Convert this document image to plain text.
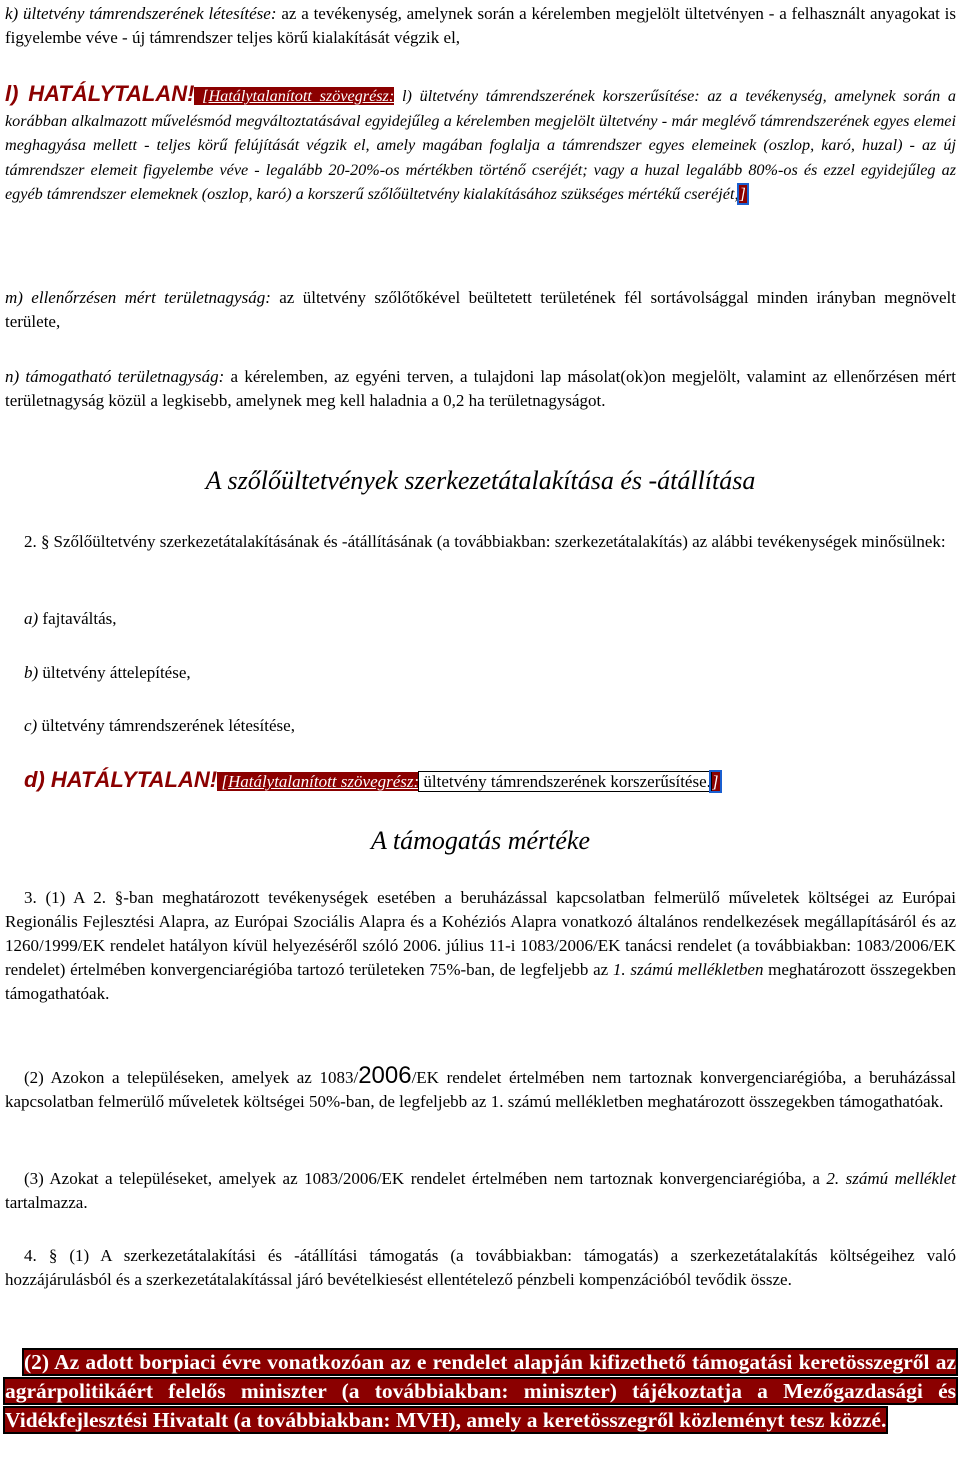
k) ültetvény támrendszerének létesítése: az a tevékenység, amelynek során a kérelemben megjelölt ültetvényen - a felhasznált anyagokat is figyelembe véve - új támrendszer teljes körű kialakítását végzik el,

l) HATÁLYTALAN! [Hatálytalanított szövegrész: l) ültetvény támrendszerének korszerűsítése: az a tevékenység, amelynek során a korábban alkalmazott művelésmód megváltoztatásával egyidejűleg a kérelemben megjelölt ültetvény - már meglévő támrendszerének egyes elemei meghagyása mellett - teljes körű felújítását végzik el, amely magában foglalja a támrendszer egyes elemeinek (oszlop, karó, huzal) - az új támrendszer elemeit figyelembe véve - legalább 20-20%-os mértékben történő cseréjét; vagy a huzal legalább 80%-os és ezzel egyidejűleg az egyéb támrendszer elemeknek (oszlop, karó) a korszerű szőlőültetvény kialakításához szükséges mértékű cseréjét,]

m) ellenőrzésen mért területnagyság: az ültetvény szőlőtőkével beültetett területének fél sortávolsággal minden irányban megnövelt területe,

n) támogatható területnagyság: a kérelemben, az egyéni terven, a tulajdoni lap másolat(ok)on megjelölt, valamint az ellenőrzésen mért területnagyság közül a legkisebb, amelynek meg kell haladnia a 0,2 ha területnagyságot.

A szőlőültetvények szerkezetátalakítása és -átállítása

2. § Szőlőültetvény szerkezetátalakításának és -átállításának (a továbbiakban: szerkezetátalakítás) az alábbi tevékenységek minősülnek:

a) fajtaváltás,

b) ültetvény áttelepítése,

c) ültetvény támrendszerének létesítése,

d) HATÁLYTALAN! [Hatálytalanított szövegrész: ültetvény támrendszerének korszerűsítése.]

A támogatás mértéke

3. (1) A 2. §-ban meghatározott tevékenységek esetében a beruházással kapcsolatban felmerülő műveletek költségei az Európai Regionális Fejlesztési Alapra, az Európai Szociális Alapra és a Kohéziós Alapra vonatkozó általános rendelkezések megállapításáról és az 1260/1999/EK rendelet hatályon kívül helyezéséről szóló 2006. július 11-i 1083/2006/EK tanácsi rendelet (a továbbiakban: 1083/2006/EK rendelet) értelmében konvergenciarégióba tartozó területeken 75%-ban, de legfeljebb az 1. számú mellékletben meghatározott összegekben támogathatóak.

(2) Azokon a településeken, amelyek az 1083/2006/EK rendelet értelmében nem tartoznak konvergenciarégióba, a beruházással kapcsolatban felmerülő műveletek költségei 50%-ban, de legfeljebb az 1. számú mellékletben meghatározott összegekben támogathatóak.

(3) Azokat a településeket, amelyek az 1083/2006/EK rendelet értelmében nem tartoznak konvergenciarégióba, a 2. számú melléklet tartalmazza.

4. § (1) A szerkezetátalakítási és -átállítási támogatás (a továbbiakban: támogatás) a szerkezetátalakítás költségeihez való hozzájárulásból és a szerkezetátalakítással járó bevételkiesést ellentételező pénzbeli kompenzációból tevődik össze.

(2) Az adott borpiaci évre vonatkozóan az e rendelet alapján kifizethető támogatási keretösszegről az agrárpolitikáért felelős miniszter (a továbbiakban: miniszter) tájékoztatja a Mezőgazdasági és Vidékfejlesztési Hivatalt (a továbbiakban: MVH), amely a keretösszegről közleményt tesz közzé.
